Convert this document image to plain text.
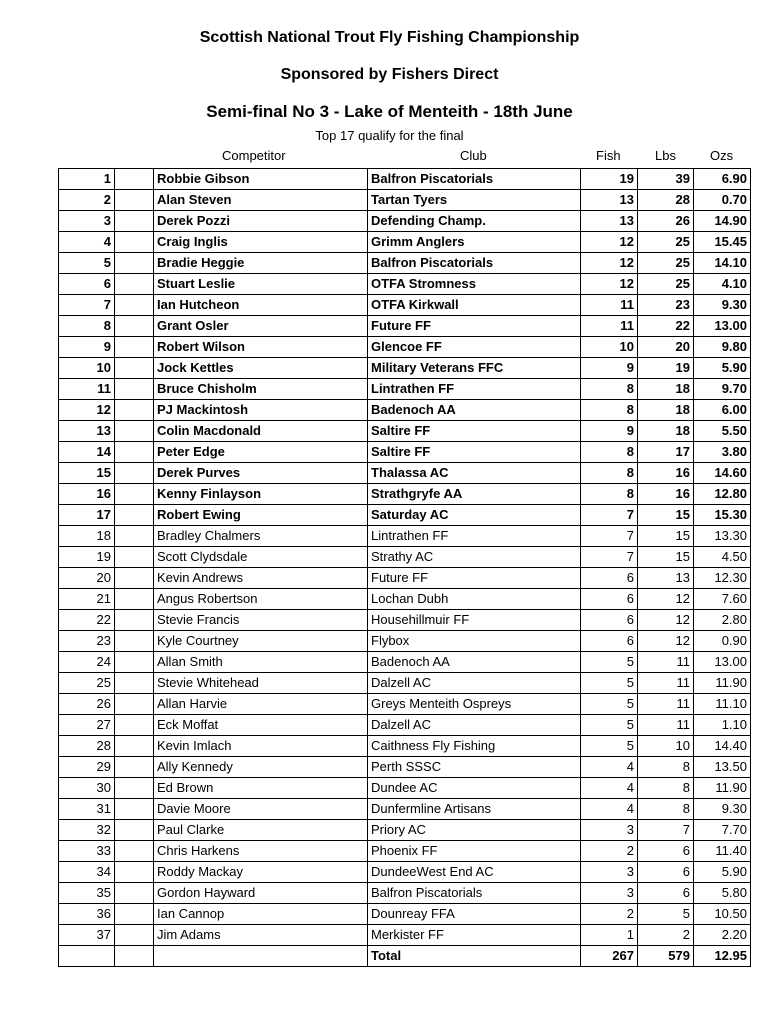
Scottish National Trout Fly Fishing Championship
Sponsored by Fishers Direct
Semi-final No 3 - Lake of Menteith - 18th June
Top 17 qualify for the final
Competitor	Club	Fish	Lbs	Ozs
1		Robbie Gibson	Balfron Piscatorials	19	39	6.90
2		Alan Steven	Tartan Tyers	13	28	0.70
3		Derek Pozzi	Defending Champ.	13	26	14.90
4		Craig Inglis	Grimm Anglers	12	25	15.45
5		Bradie Heggie	Balfron Piscatorials	12	25	14.10
6		Stuart Leslie	OTFA Stromness	12	25	4.10
7		Ian Hutcheon	OTFA Kirkwall	11	23	9.30
8		Grant Osler	Future FF	11	22	13.00
9		Robert Wilson	Glencoe FF	10	20	9.80
10		Jock Kettles	Military Veterans FFC	9	19	5.90
11		Bruce Chisholm	Lintrathen FF	8	18	9.70
12		PJ Mackintosh	Badenoch AA	8	18	6.00
13		Colin Macdonald	Saltire FF	9	18	5.50
14		Peter Edge	Saltire FF	8	17	3.80
15		Derek Purves	Thalassa AC	8	16	14.60
16		Kenny Finlayson	Strathgryfe AA	8	16	12.80
17		Robert Ewing	Saturday AC	7	15	15.30
18		Bradley Chalmers	Lintrathen FF	7	15	13.30
19		Scott Clydsdale	Strathy AC	7	15	4.50
20		Kevin Andrews	Future FF	6	13	12.30
21		Angus Robertson	Lochan Dubh	6	12	7.60
22		Stevie Francis	Househillmuir FF	6	12	2.80
23		Kyle Courtney	Flybox	6	12	0.90
24		Allan Smith	Badenoch AA	5	11	13.00
25		Stevie Whitehead	Dalzell AC	5	11	11.90
26		Allan Harvie	Greys Menteith Ospreys	5	11	11.10
27		Eck Moffat	Dalzell AC	5	11	1.10
28		Kevin Imlach	Caithness Fly Fishing	5	10	14.40
29		Ally Kennedy	Perth SSSC	4	8	13.50
30		Ed Brown	Dundee AC	4	8	11.90
31		Davie Moore	Dunfermline Artisans	4	8	9.30
32		Paul Clarke	Priory AC	3	7	7.70
33		Chris Harkens	Phoenix FF	2	6	11.40
34		Roddy Mackay	DundeeWest End AC	3	6	5.90
35		Gordon Hayward	Balfron Piscatorials	3	6	5.80
36		Ian Cannop	Dounreay FFA	2	5	10.50
37		Jim Adams	Merkister FF	1	2	2.20
			Total	267	579	12.95
